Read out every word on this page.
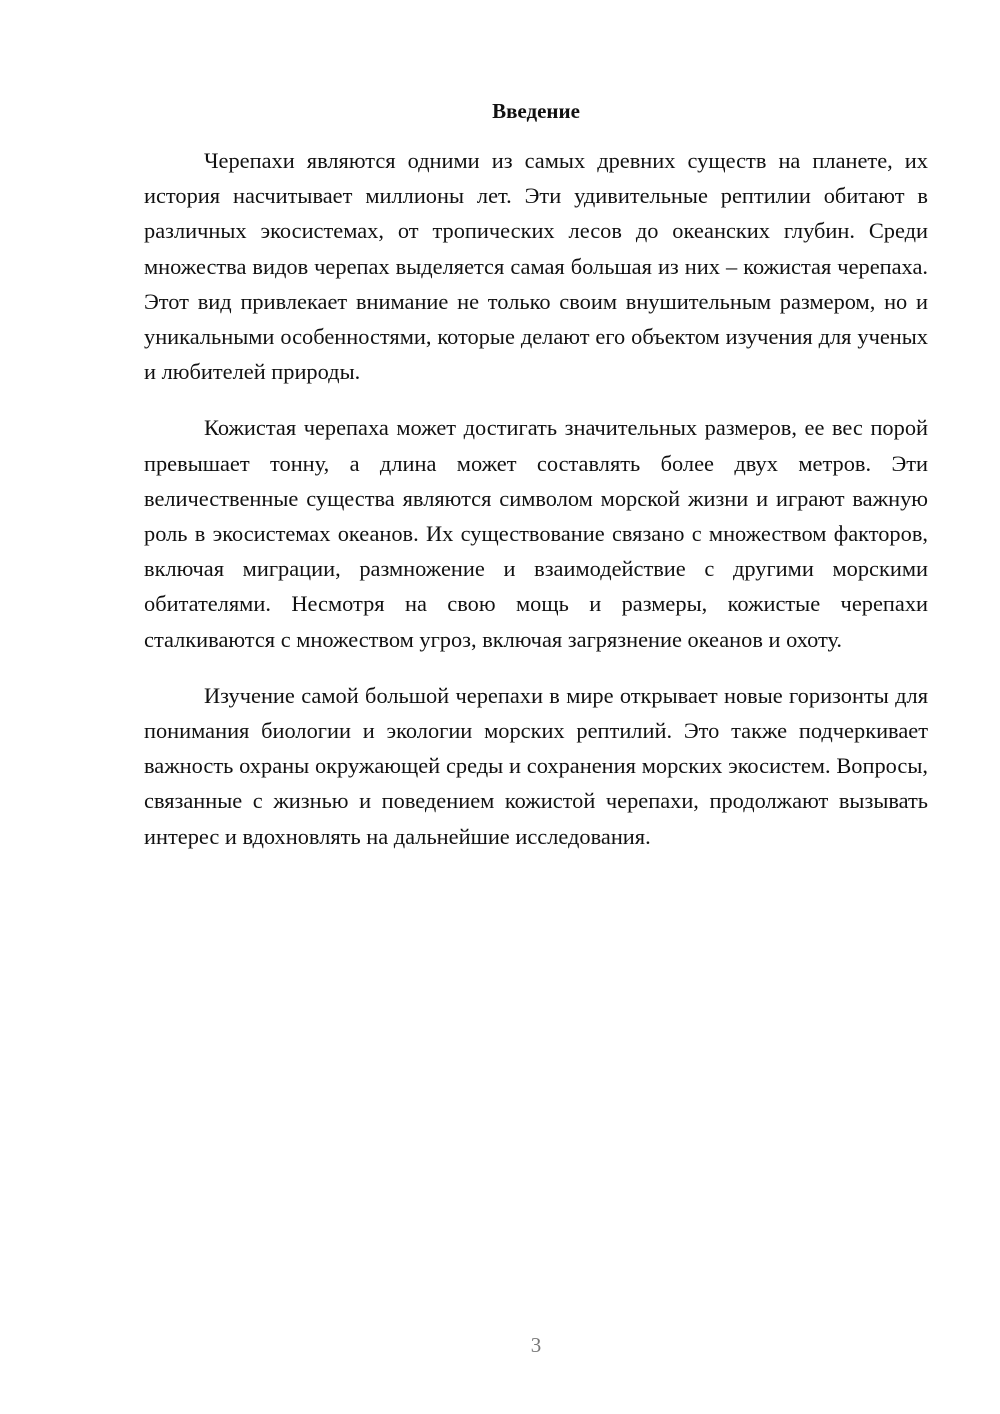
Введение

Черепахи являются одними из самых древних существ на планете, их история насчитывает миллионы лет. Эти удивительные рептилии обитают в различных экосистемах, от тропических лесов до океанских глубин. Среди множества видов черепах выделяется самая большая из них – кожистая черепаха. Этот вид привлекает внимание не только своим внушительным размером, но и уникальными особенностями, которые делают его объектом изучения для ученых и любителей природы.

Кожистая черепаха может достигать значительных размеров, ее вес порой превышает тонну, а длина может составлять более двух метров. Эти величественные существа являются символом морской жизни и играют важную роль в экосистемах океанов. Их существование связано с множеством факторов, включая миграции, размножение и взаимодействие с другими морскими обитателями. Несмотря на свою мощь и размеры, кожистые черепахи сталкиваются с множеством угроз, включая загрязнение океанов и охоту.

Изучение самой большой черепахи в мире открывает новые горизонты для понимания биологии и экологии морских рептилий. Это также подчеркивает важность охраны окружающей среды и сохранения морских экосистем. Вопросы, связанные с жизнью и поведением кожистой черепахи, продолжают вызывать интерес и вдохновлять на дальнейшие исследования.

3
